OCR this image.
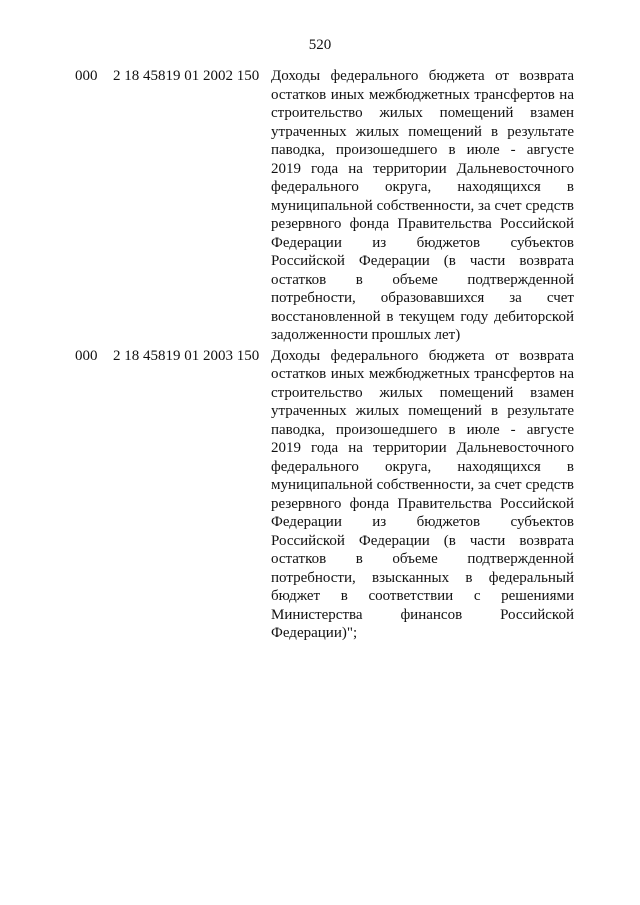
520
000	2 18 45819 01 2002 150 Доходы федерального бюджета от возврата
остатков иных межбюджетных трансфертов на
строительство жилых помещений взамен
утраченных жилых помещений в результате
паводка, произошедшего в июле - августе
2019 года на территории Дальневосточного
федерального округа, находящихся в
муниципальной собственности, за счет средств
резервного фонда Правительства Российской
Федерации из бюджетов субъектов
Российской Федерации (в части возврата
остатков в объеме подтвержденной
потребности, образовавшихся за счет
восстановленной в текущем году дебиторской
задолженности прошлых лет)
000	2 18 45819 01 2003 150 Доходы федерального бюджета от возврата
остатков иных межбюджетных трансфертов на
строительство жилых помещений взамен
утраченных жилых помещений в результате
паводка, произошедшего в июле - августе
2019 года на территории Дальневосточного
федерального округа, находящихся в
муниципальной собственности, за счет средств
резервного фонда Правительства Российской
Федерации из бюджетов субъектов
Российской Федерации (в части возврата
остатков в объеме подтвержденной
потребности, взысканных в федеральный
бюджет в соответствии с решениями
Министерства финансов Российской
Федерации)";
